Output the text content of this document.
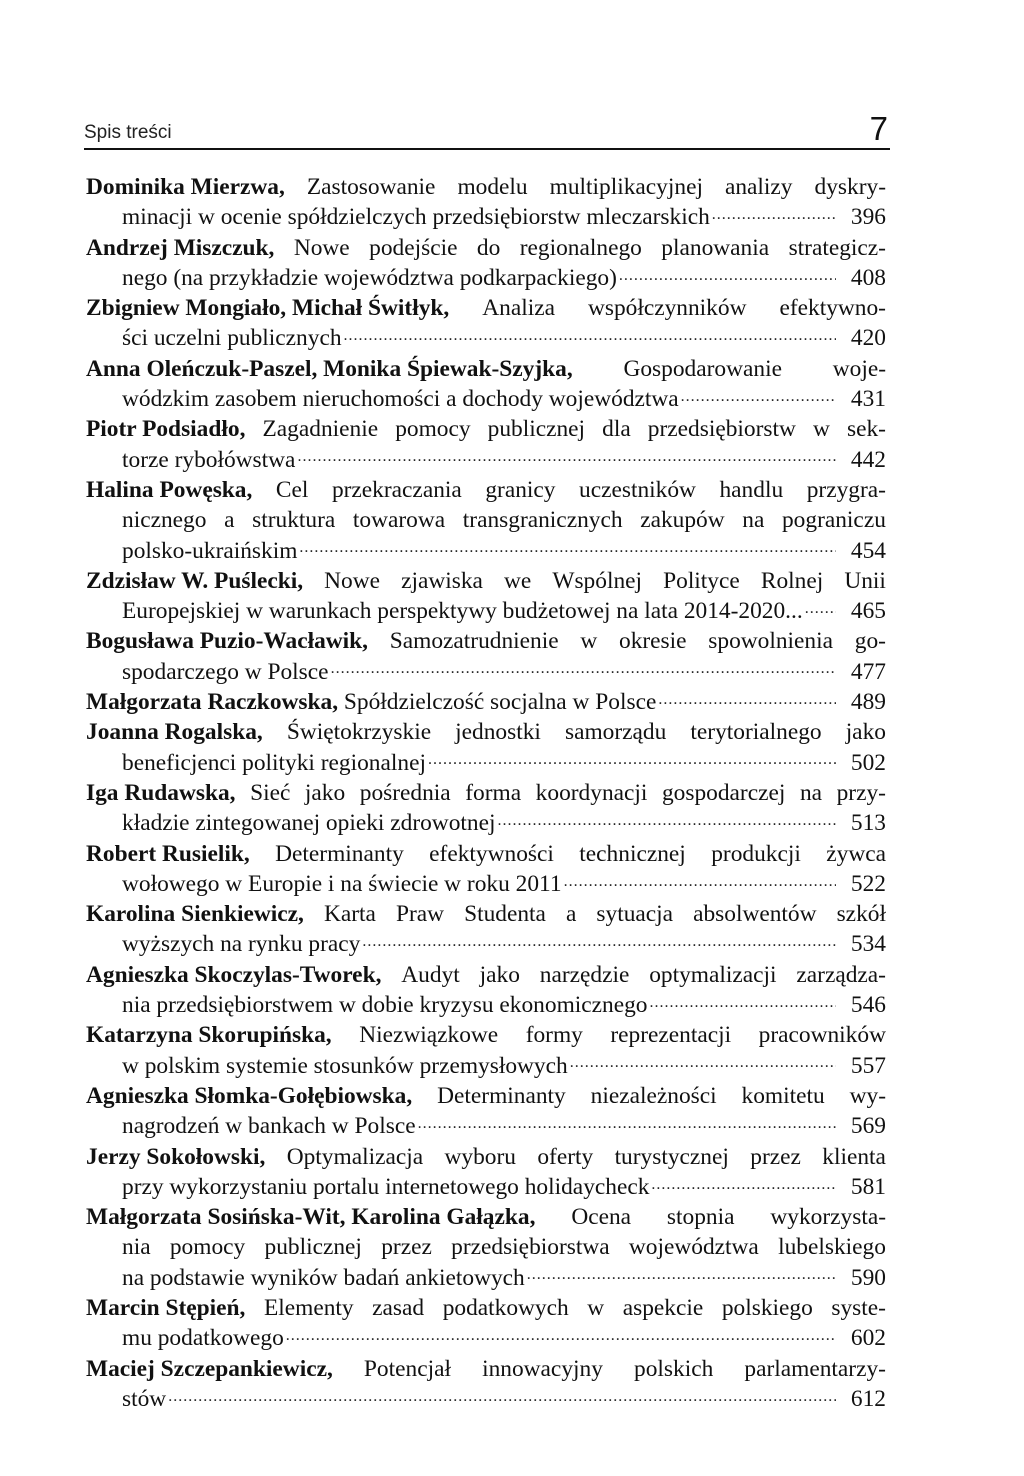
Spis treści	7
Dominika Mierzwa, Zastosowanie modelu multiplikacyjnej analizy dyskry-
minacji w ocenie spółdzielczych przedsiębiorstw mleczarskich .....	396
Andrzej Miszczuk, Nowe podejście do regionalnego planowania strategicz-
nego (na przykładzie województwa podkarpackiego) .....	408
Zbigniew Mongiało, Michał Świtłyk, Analiza współczynników efektywno-
ści uczelni publicznych .....	420
Anna Oleńczuk-Paszel, Monika Śpiewak-Szyjka, Gospodarowanie woje-
wódzkim zasobem nieruchomości a dochody województwa .....	431
Piotr Podsiadło, Zagadnienie pomocy publicznej dla przedsiębiorstw w sek-
torze rybołówstwa .....	442
Halina Powęska, Cel przekraczania granicy uczestników handlu przygra-
nicznego a struktura towarowa transgranicznych zakupów na pograniczu
polsko-ukraińskim .....	454
Zdzisław W. Puślecki, Nowe zjawiska we Wspólnej Polityce Rolnej Unii
Europejskiej w warunkach perspektywy budżetowej na lata 2014-2020... .....	465
Bogusława Puzio-Wacławik, Samozatrudnienie w okresie spowolnienia go-
spodarczego w Polsce .....	477
Małgorzata Raczkowska, Spółdzielczość socjalna w Polsce .....	489
Joanna Rogalska, Świętokrzyskie jednostki samorządu terytorialnego jako
beneficjenci polityki regionalnej .....	502
Iga Rudawska, Sieć jako pośrednia forma koordynacji gospodarczej na przy-
kładzie zintegowanej opieki zdrowotnej .....	513
Robert Rusielik, Determinanty efektywności technicznej produkcji żywca
wołowego w Europie i na świecie w roku 2011 .....	522
Karolina Sienkiewicz, Karta Praw Studenta a sytuacja absolwentów szkół
wyższych na rynku pracy .....	534
Agnieszka Skoczylas-Tworek, Audyt jako narzędzie optymalizacji zarządza-
nia przedsiębiorstwem w dobie kryzysu ekonomicznego .....	546
Katarzyna Skorupińska, Niezwiązkowe formy reprezentacji pracowników
w polskim systemie stosunków przemysłowych .....	557
Agnieszka Słomka-Gołębiowska, Determinanty niezależności komitetu wy-
nagrodzeń w bankach w Polsce .....	569
Jerzy Sokołowski, Optymalizacja wyboru oferty turystycznej przez klienta
przy wykorzystaniu portalu internetowego holidaycheck .....	581
Małgorzata Sosińska-Wit, Karolina Gałązka, Ocena stopnia wykorzysta-
nia pomocy publicznej przez przedsiębiorstwa województwa lubelskiego
na podstawie wyników badań ankietowych .....	590
Marcin Stępień, Elementy zasad podatkowych w aspekcie polskiego syste-
mu podatkowego .....	602
Maciej Szczepankiewicz, Potencjał innowacyjny polskich parlamentarzy-
stów .....	612
